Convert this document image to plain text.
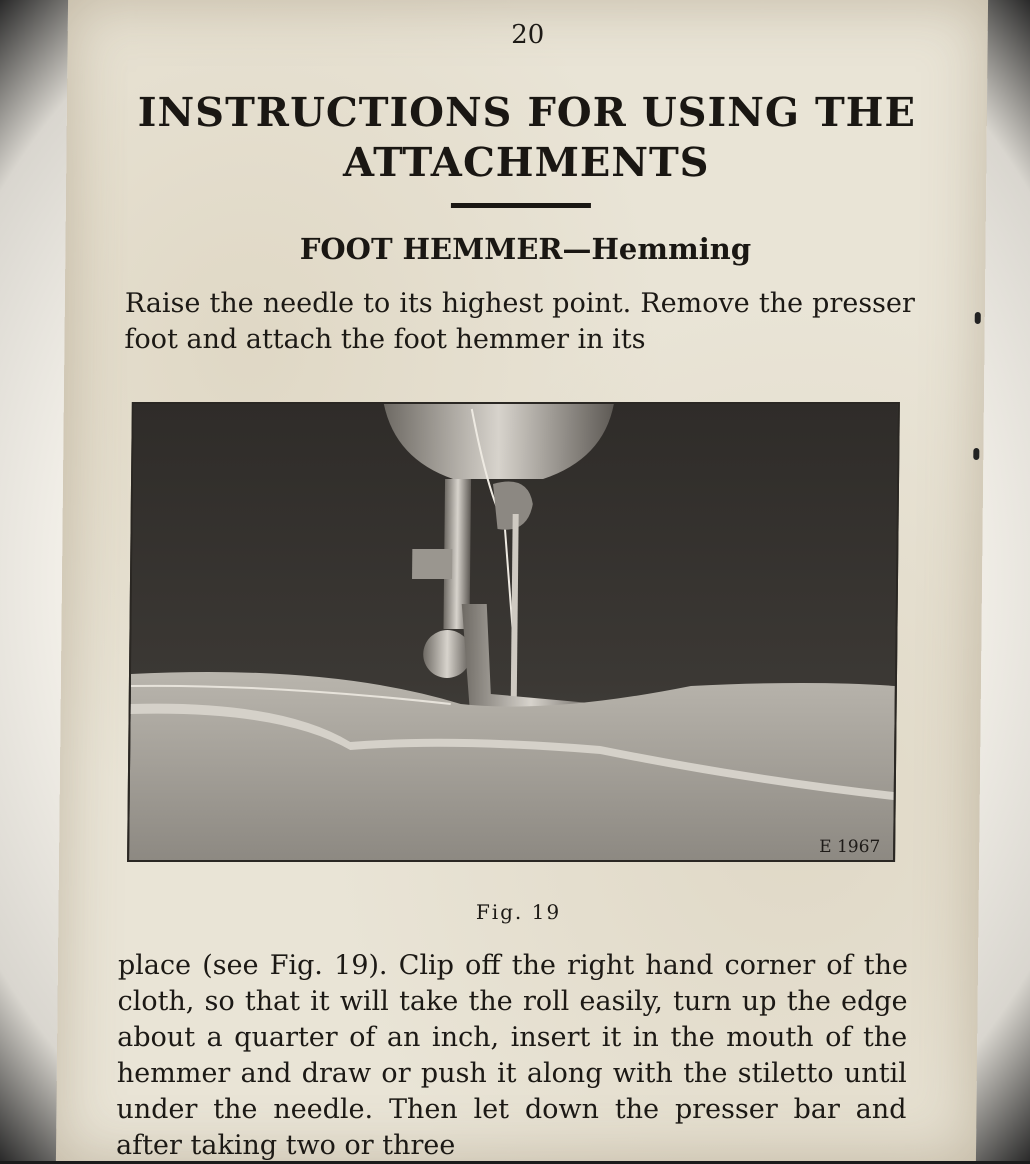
20
INSTRUCTIONS FOR USING THE
ATTACHMENTS
FOOT HEMMER—Hemming
Raise the needle to its highest point. Remove the presser foot and attach the foot hemmer in its
E 1967
Fig. 19
place (see Fig. 19). Clip off the right hand corner of the cloth, so that it will take the roll easily, turn up the edge about a quarter of an inch, insert it in the mouth of the hemmer and draw or push it along with the stiletto until under the needle. Then let down the presser bar and after taking two or three
